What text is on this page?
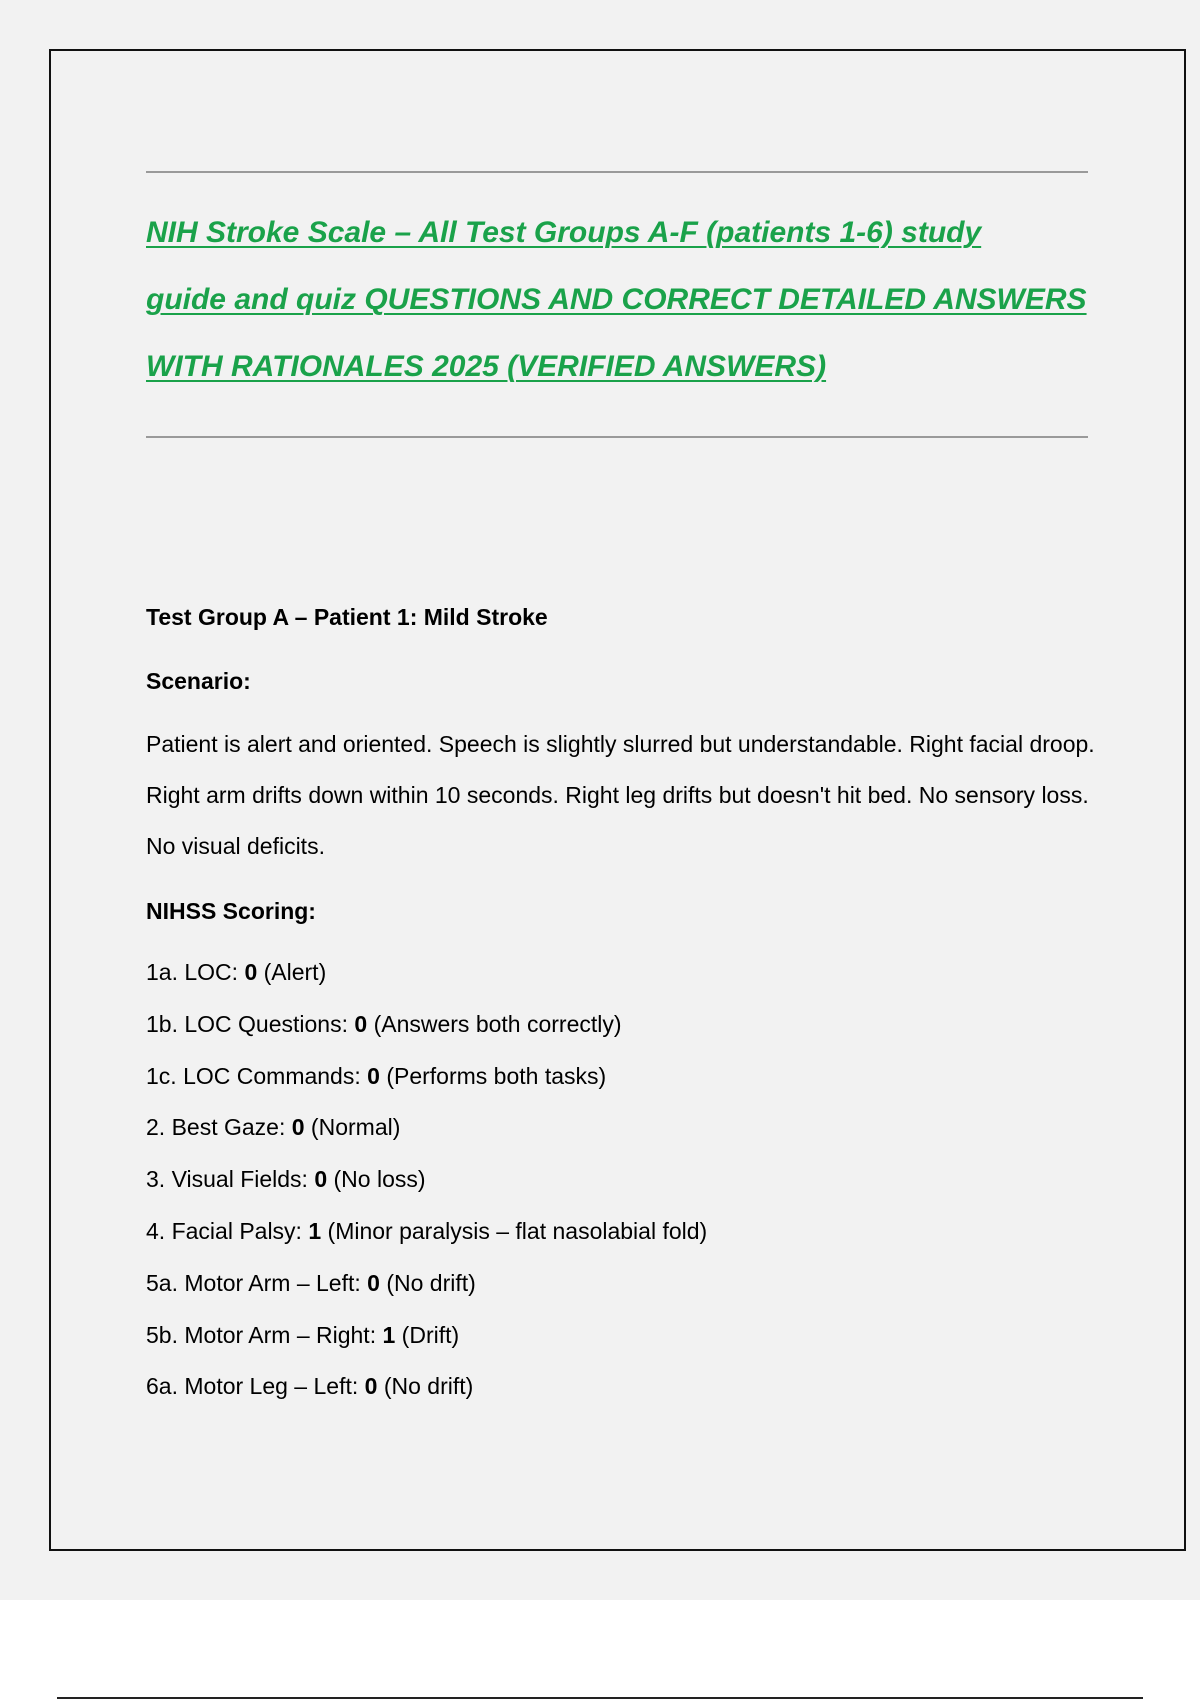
NIH Stroke Scale – All Test Groups A-F (patients 1-6) study
guide and quiz QUESTIONS AND CORRECT DETAILED ANSWERS
WITH RATIONALES 2025 (VERIFIED ANSWERS)

Test Group A – Patient 1: Mild Stroke

Scenario:

Patient is alert and oriented. Speech is slightly slurred but understandable. Right facial droop. Right arm drifts down within 10 seconds. Right leg drifts but doesn't hit bed. No sensory loss. No visual deficits.

NIHSS Scoring:

1a. LOC: 0 (Alert)
1b. LOC Questions: 0 (Answers both correctly)
1c. LOC Commands: 0 (Performs both tasks)
2. Best Gaze: 0 (Normal)
3. Visual Fields: 0 (No loss)
4. Facial Palsy: 1 (Minor paralysis – flat nasolabial fold)
5a. Motor Arm – Left: 0 (No drift)
5b. Motor Arm – Right: 1 (Drift)
6a. Motor Leg – Left: 0 (No drift)
